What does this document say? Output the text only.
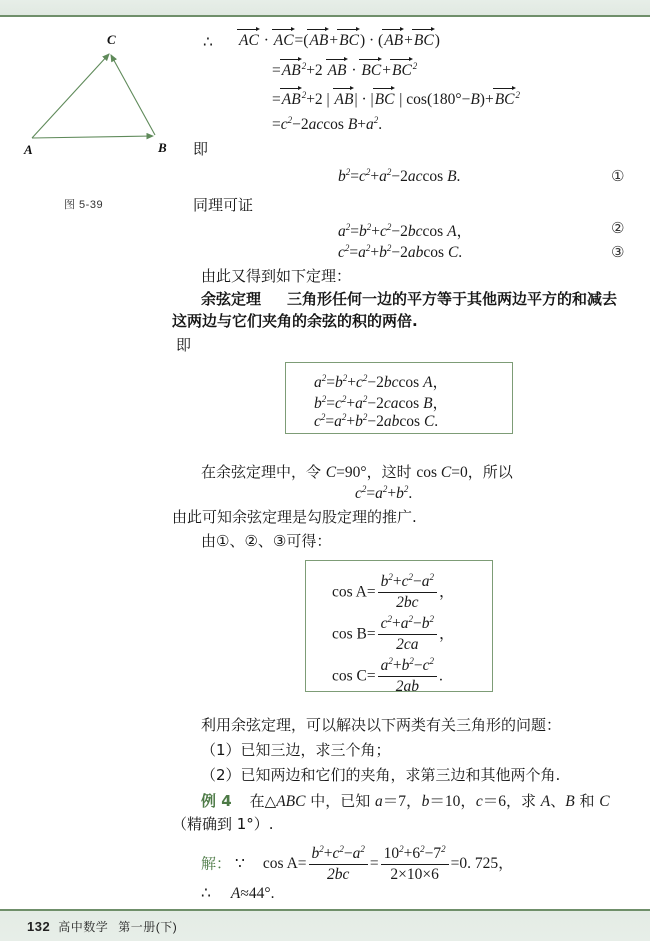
A	B
C
图 5-39
∴ AC · AC=(AB+BC) · (AB+BC)
$=AB^2+2$ AB · $BC+BC^2$
$=AB^2+2$ | AB| · |BC | $\cos(180^\circ-B)+BC^2$
$=c^2-2accos$ $B+a^2$.
即
$b^2=c^2+a^2-2accos$ B.	①
同理可证
$a^2=b^2+c^2-2bccos$ A，	②
$c^2=a^2+b^2-2abcos$ C.	③
由此又得到如下定理：
余弦定理 三角形任何一边的平方等于其他两边平方的和减去
这两边与它们夹角的余弦的积的两倍.
即
$a^2=b^2+c^2-2bccos$ A，
$b^2=c^2+a^2-2cacos$ B，
$c^2=a^2+b^2-2abcos$ C.
在余弦定理中，令 C=90°，这时 cos C=0，所以
$c^2=a^2+b^2$.
由此可知余弦定理是勾股定理的推广.
由①、②、③可得：
$\cos A= \frac{b^2+c^2-a^2}{2bc}$ ，
$\cos B= \frac{c^2+a^2-b^2}{2ca}$ ，
$\cos C= \frac{a^2+b^2-c^2}{2ab}$ .
利用余弦定理，可以解决以下两类有关三角形的问题：
（1）已知三边，求三个角；
（2）已知两边和它们的夹角，求第三边和其他两个角.
例 4 在△ABC 中，已知 a＝7，b＝10，c＝6，求 A、B 和 C
（精确到 1°）.
解： ∵ $\cos A= \frac{b^2+c^2-a^2}{2bc} = \frac{10^2+6^2-7^2}{2\times 10\times 6} =0$. 725，
∴ A≈44°.
132 高中数学 第一册(下)
